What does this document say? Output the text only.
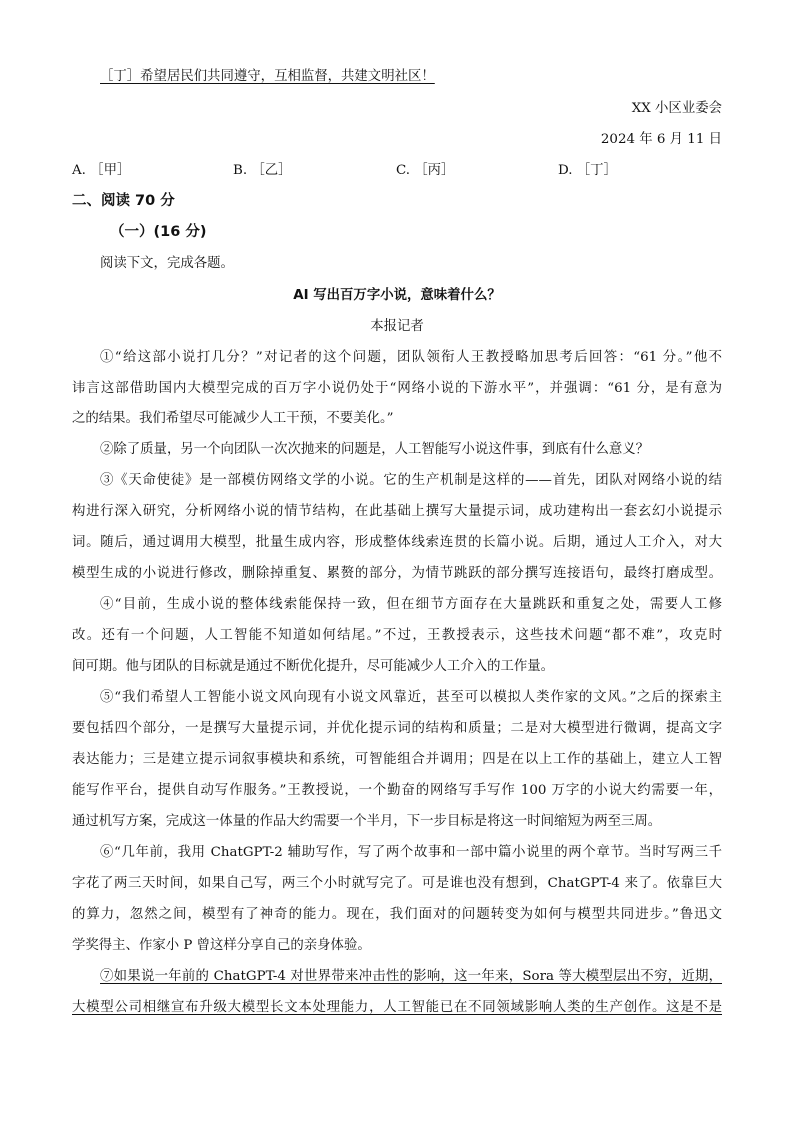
［丁］希望居民们共同遵守，互相监督，共建文明社区！
XX 小区业委会
2024 年 6 月 11 日
A. ［甲］	B. ［乙］	C. ［丙］	D. ［丁］
二、阅读 70 分
（一）(16 分)
阅读下文，完成各题。
AI 写出百万字小说，意味着什么？
本报记者
①“给这部小说打几分？”对记者的这个问题，团队领衔人王教授略加思考后回答：“61 分。”他不
讳言这部借助国内大模型完成的百万字小说仍处于“网络小说的下游水平”，并强调：“61 分，是有意为
之的结果。我们希望尽可能减少人工干预，不要美化。”
②除了质量，另一个向团队一次次抛来的问题是，人工智能写小说这件事，到底有什么意义？
③《天命使徒》是一部模仿网络文学的小说。它的生产机制是这样的——首先，团队对网络小说的结
构进行深入研究，分析网络小说的情节结构，在此基础上撰写大量提示词，成功建构出一套玄幻小说提示
词。随后，通过调用大模型，批量生成内容，形成整体线索连贯的长篇小说。后期，通过人工介入，对大
模型生成的小说进行修改，删除掉重复、累赘的部分，为情节跳跃的部分撰写连接语句，最终打磨成型。
④“目前，生成小说的整体线索能保持一致，但在细节方面存在大量跳跃和重复之处，需要人工修
改。还有一个问题，人工智能不知道如何结尾。”不过，王教授表示，这些技术问题“都不难”，攻克时
间可期。他与团队的目标就是通过不断优化提升，尽可能减少人工介入的工作量。
⑤“我们希望人工智能小说文风向现有小说文风靠近，甚至可以模拟人类作家的文风。”之后的探索主
要包括四个部分，一是撰写大量提示词，并优化提示词的结构和质量；二是对大模型进行微调，提高文字
表达能力；三是建立提示词叙事模块和系统，可智能组合并调用；四是在以上工作的基础上，建立人工智
能写作平台，提供自动写作服务。”王教授说，一个勤奋的网络写手写作 100 万字的小说大约需要一年，
通过机写方案，完成这一体量的作品大约需要一个半月，下一步目标是将这一时间缩短为两至三周。
⑥“几年前，我用 ChatGPT-2 辅助写作，写了两个故事和一部中篇小说里的两个章节。当时写两三千
字花了两三天时间，如果自己写，两三个小时就写完了。可是谁也没有想到，ChatGPT-4 来了。依靠巨大
的算力，忽然之间，模型有了神奇的能力。现在，我们面对的问题转变为如何与模型共同进步。”鲁迅文
学奖得主、作家小 P 曾这样分享自己的亲身体验。
⑦如果说一年前的 ChatGPT-4 对世界带来冲击性的影响，这一年来，Sora 等大模型层出不穷，近期，
大模型公司相继宣布升级大模型长文本处理能力，人工智能已在不同领域影响人类的生产创作。这是不是
